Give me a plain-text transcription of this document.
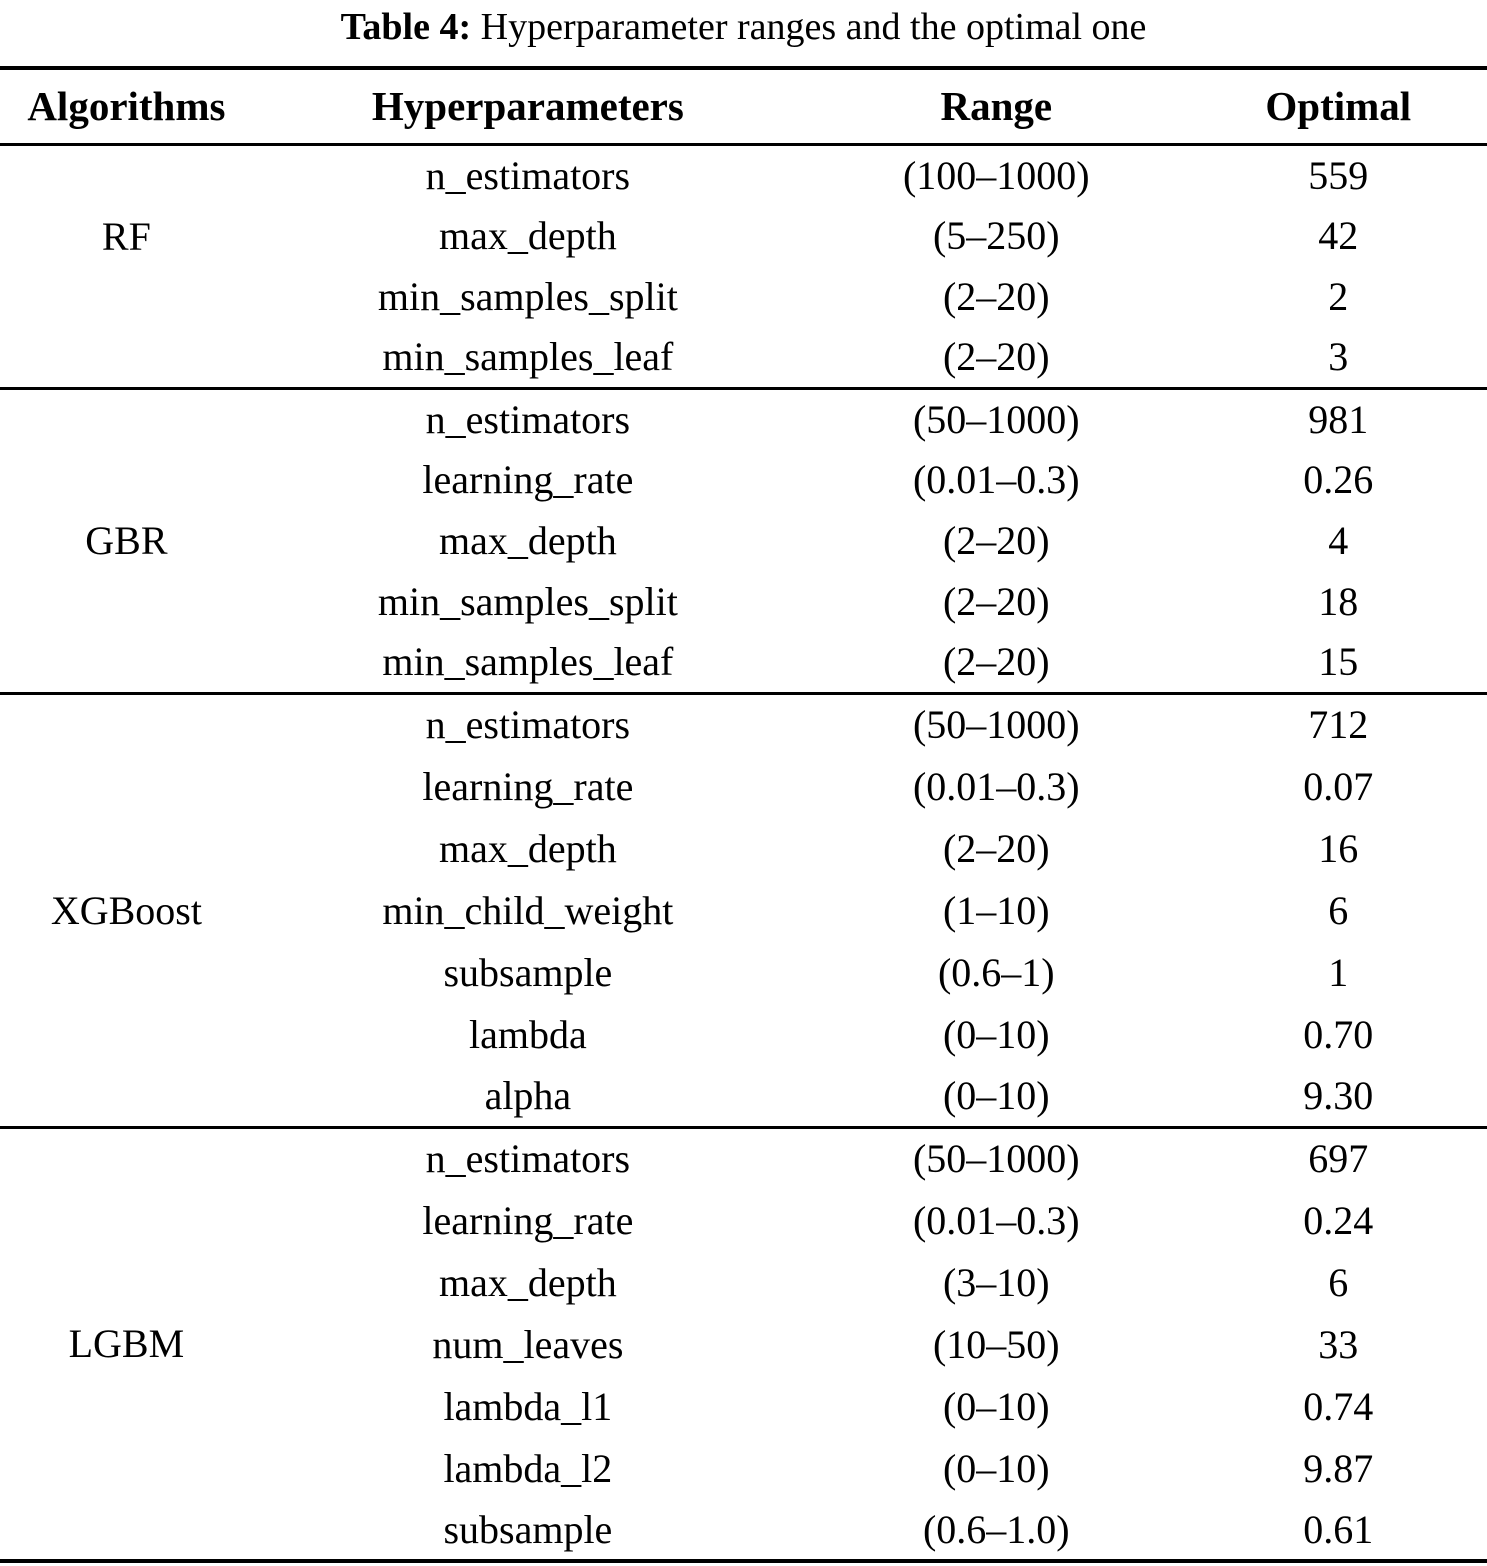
Table 4: Hyperparameter ranges and the optimal one
Algorithms	Hyperparameters	Range	Optimal
RF	n_estimators	(100–1000)	559
	max_depth	(5–250)	42
	min_samples_split	(2–20)	2
	min_samples_leaf	(2–20)	3
GBR	n_estimators	(50–1000)	981
	learning_rate	(0.01–0.3)	0.26
	max_depth	(2–20)	4
	min_samples_split	(2–20)	18
	min_samples_leaf	(2–20)	15
XGBoost	n_estimators	(50–1000)	712
	learning_rate	(0.01–0.3)	0.07
	max_depth	(2–20)	16
	min_child_weight	(1–10)	6
	subsample	(0.6–1)	1
	lambda	(0–10)	0.70
	alpha	(0–10)	9.30
LGBM	n_estimators	(50–1000)	697
	learning_rate	(0.01–0.3)	0.24
	max_depth	(3–10)	6
	num_leaves	(10–50)	33
	lambda_l1	(0–10)	0.74
	lambda_l2	(0–10)	9.87
	subsample	(0.6–1.0)	0.61
